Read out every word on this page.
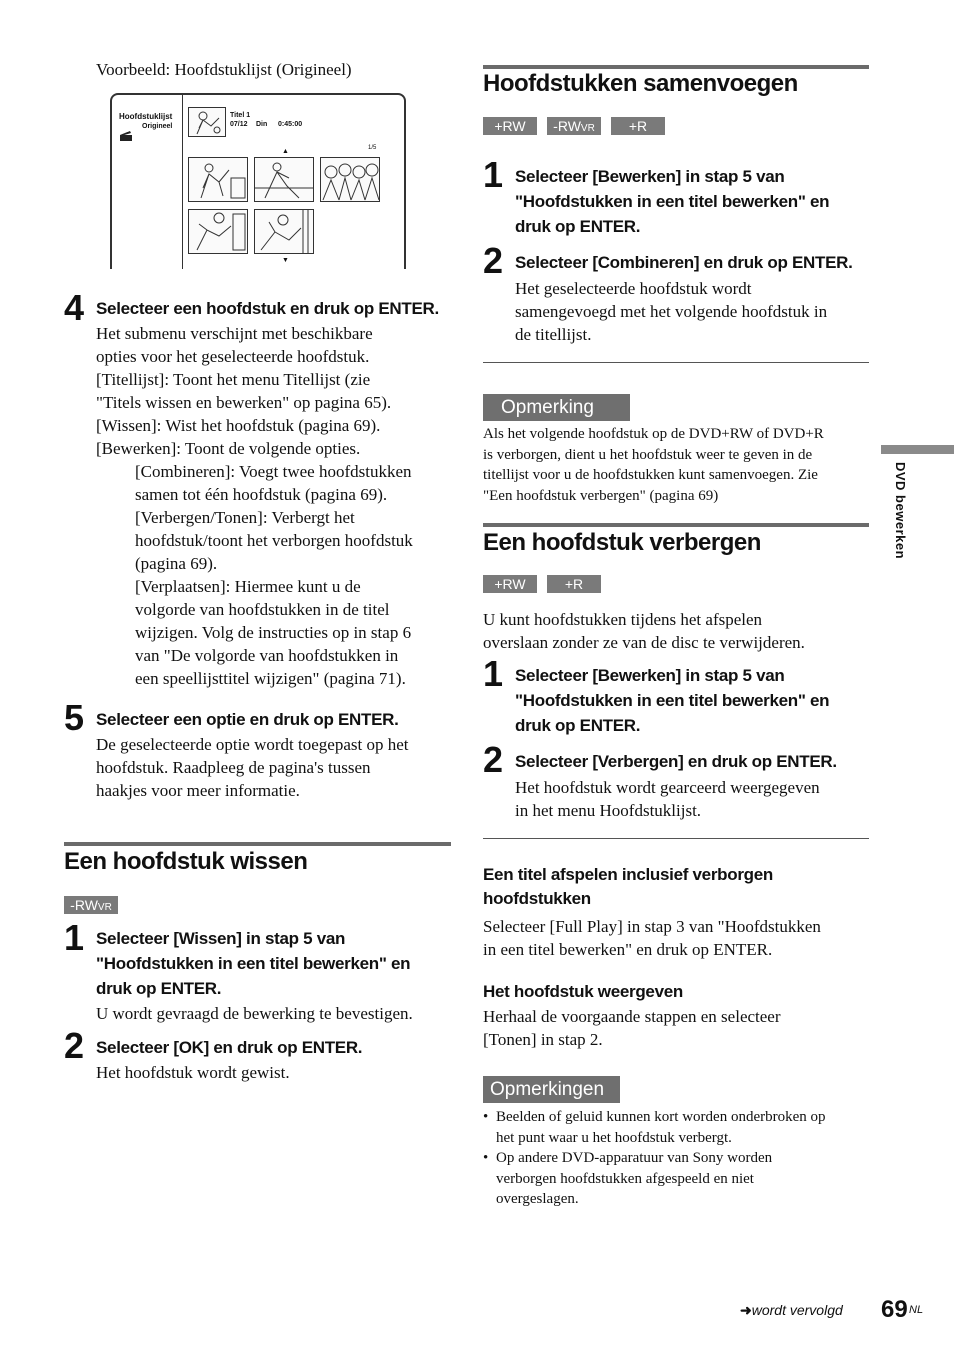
Voorbeeld: Hoofdstuklijst (Origineel)
Hoofdstuklijst
Origineel
Titel 1
07/12 Din 0:45:00
1/5
▲
▼
4 Selecteer een hoofdstuk en druk op ENTER.
Het submenu verschijnt met beschikbare
opties voor het geselecteerde hoofdstuk.
[Titellijst]: Toont het menu Titellijst (zie
"Titels wissen en bewerken" op pagina 65).
[Wissen]: Wist het hoofdstuk (pagina 69).
[Bewerken]: Toont de volgende opties.
[Combineren]: Voegt twee hoofdstukken
samen tot één hoofdstuk (pagina 69).
[Verbergen/Tonen]: Verbergt het
hoofdstuk/toont het verborgen hoofdstuk
(pagina 69).
[Verplaatsen]: Hiermee kunt u de
volgorde van hoofdstukken in de titel
wijzigen. Volg de instructies op in stap 6
van "De volgorde van hoofdstukken in
een speellijsttitel wijzigen" (pagina 71).
5 Selecteer een optie en druk op ENTER.
De geselecteerde optie wordt toegepast op het
hoofdstuk. Raadpleeg de pagina's tussen
haakjes voor meer informatie.
Een hoofdstuk wissen
-RWVR
1 Selecteer [Wissen] in stap 5 van
"Hoofdstukken in een titel bewerken" en
druk op ENTER.
U wordt gevraagd de bewerking te bevestigen.
2 Selecteer [OK] en druk op ENTER.
Het hoofdstuk wordt gewist.
Hoofdstukken samenvoegen
+RW	-RWVR	+R
1 Selecteer [Bewerken] in stap 5 van
"Hoofdstukken in een titel bewerken" en
druk op ENTER.
2 Selecteer [Combineren] en druk op ENTER.
Het geselecteerde hoofdstuk wordt
samengevoegd met het volgende hoofdstuk in
de titellijst.
Opmerking
Als het volgende hoofdstuk op de DVD+RW of DVD+R
is verborgen, dient u het hoofdstuk weer te geven in de
titellijst voor u de hoofdstukken kunt samenvoegen. Zie
"Een hoofdstuk verbergen" (pagina 69)
Een hoofdstuk verbergen
+RW	+R
U kunt hoofdstukken tijdens het afspelen
overslaan zonder ze van de disc te verwijderen.
1 Selecteer [Bewerken] in stap 5 van
"Hoofdstukken in een titel bewerken" en
druk op ENTER.
2 Selecteer [Verbergen] en druk op ENTER.
Het hoofdstuk wordt gearceerd weergegeven
in het menu Hoofdstuklijst.
Een titel afspelen inclusief verborgen
hoofdstukken
Selecteer [Full Play] in stap 3 van "Hoofdstukken
in een titel bewerken" en druk op ENTER.
Het hoofdstuk weergeven
Herhaal de voorgaande stappen en selecteer
[Tonen] in stap 2.
Opmerkingen
• Beelden of geluid kunnen kort worden onderbroken op
het punt waar u het hoofdstuk verbergt.
• Op andere DVD-apparatuur van Sony worden
verborgen hoofdstukken afgespeeld en niet
overgeslagen.
DVD bewerken
➜wordt vervolgd 69 NL
